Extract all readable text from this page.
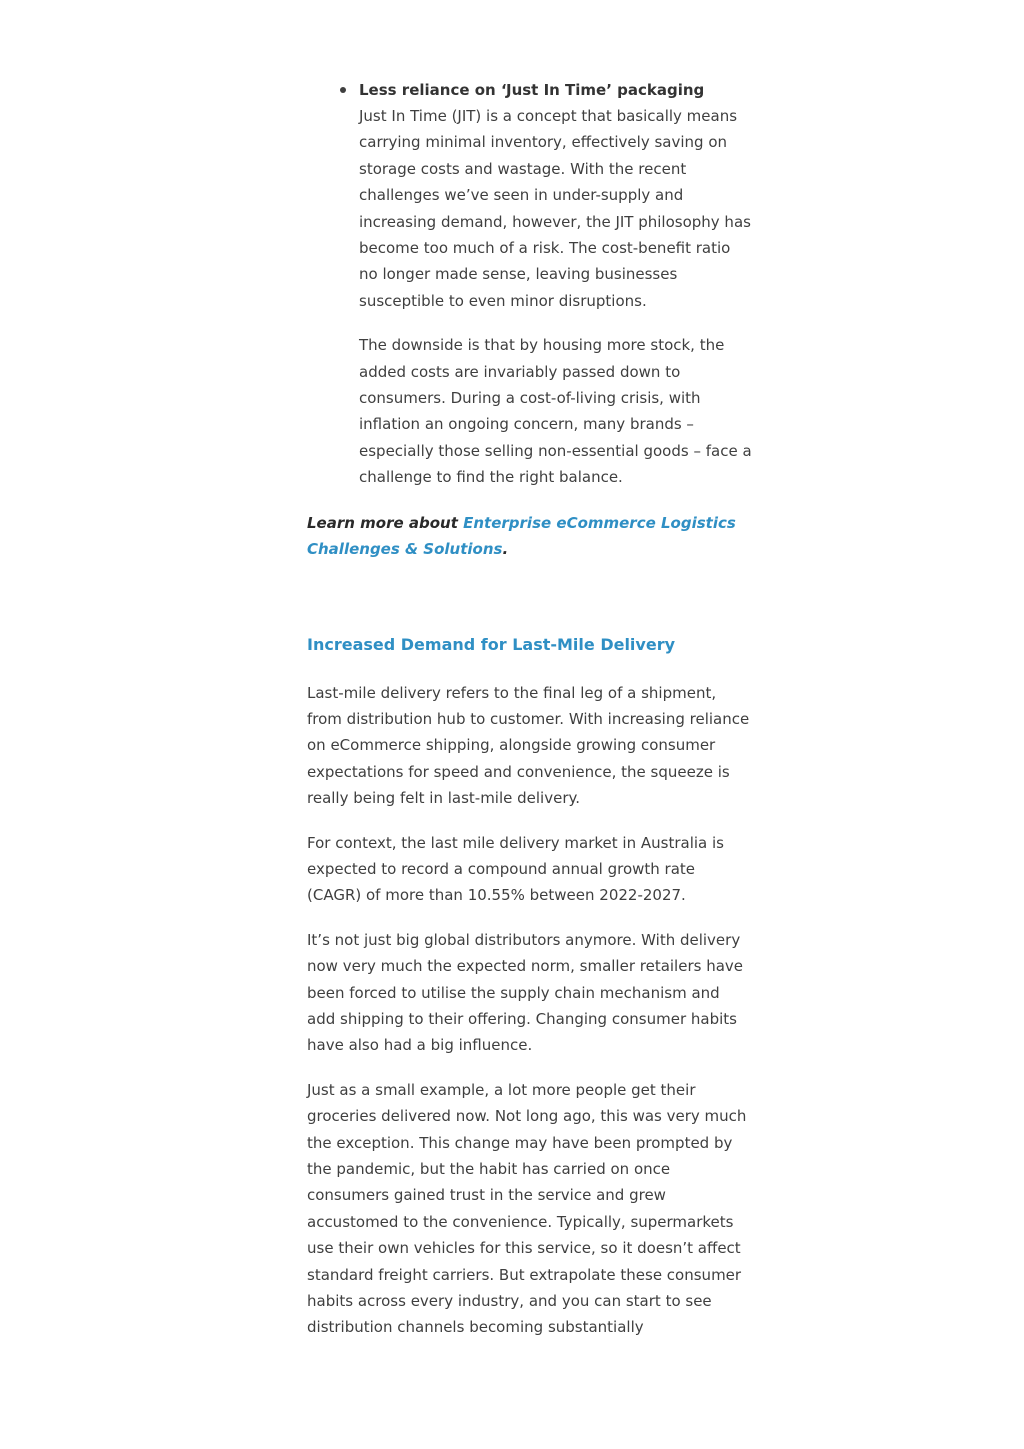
Less reliance on ‘Just In Time’ packaging

Just In Time (JIT) is a concept that basically means carrying minimal inventory, effectively saving on storage costs and wastage. With the recent challenges we’ve seen in under-supply and increasing demand, however, the JIT philosophy has become too much of a risk. The cost-benefit ratio no longer made sense, leaving businesses susceptible to even minor disruptions.

The downside is that by housing more stock, the added costs are invariably passed down to consumers. During a cost-of-living crisis, with inflation an ongoing concern, many brands – especially those selling non-essential goods – face a challenge to find the right balance.

Learn more about Enterprise eCommerce Logistics Challenges & Solutions.

Increased Demand for Last-Mile Delivery

Last-mile delivery refers to the final leg of a shipment, from distribution hub to customer. With increasing reliance on eCommerce shipping, alongside growing consumer expectations for speed and convenience, the squeeze is really being felt in last-mile delivery.

For context, the last mile delivery market in Australia is expected to record a compound annual growth rate (CAGR) of more than 10.55% between 2022-2027.

It’s not just big global distributors anymore. With delivery now very much the expected norm, smaller retailers have been forced to utilise the supply chain mechanism and add shipping to their offering. Changing consumer habits have also had a big influence.

Just as a small example, a lot more people get their groceries delivered now. Not long ago, this was very much the exception. This change may have been prompted by the pandemic, but the habit has carried on once consumers gained trust in the service and grew accustomed to the convenience. Typically, supermarkets use their own vehicles for this service, so it doesn’t affect standard freight carriers. But extrapolate these consumer habits across every industry, and you can start to see distribution channels becoming substantially
